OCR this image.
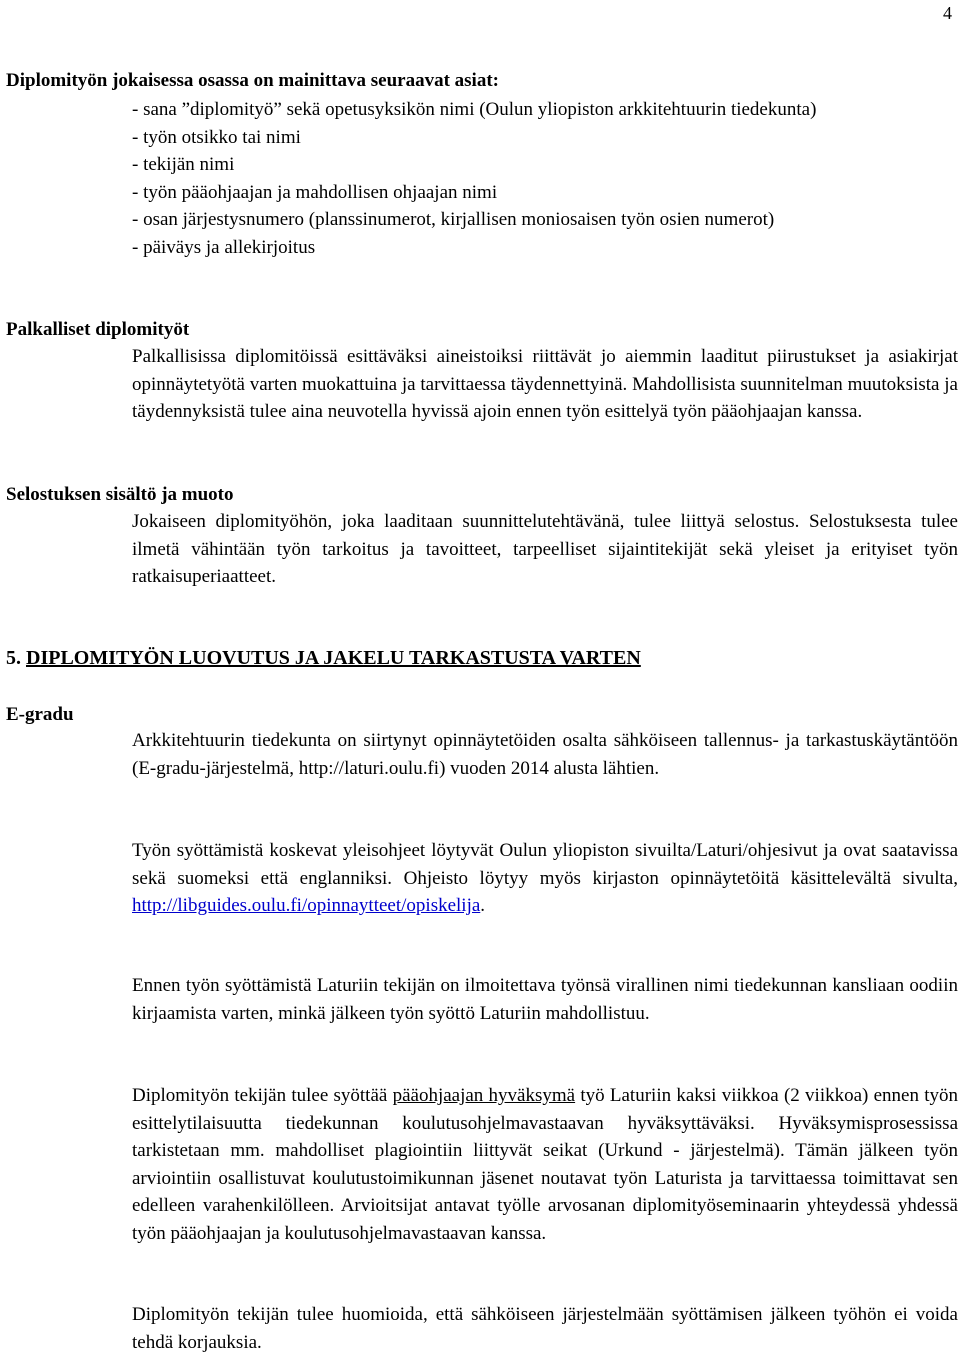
4

Diplomityön jokaisessa osassa on mainittava seuraavat asiat:

- sana ”diplomityö” sekä opetusyksikön nimi (Oulun yliopiston arkkitehtuurin tiedekunta)
- työn otsikko tai nimi
- tekijän nimi
- työn pääohjaajan ja mahdollisen ohjaajan nimi
- osan järjestysnumero (planssinumerot, kirjallisen moniosaisen työn osien numerot)
- päiväys ja allekirjoitus

Palkalliset diplomityöt

Palkallisissa diplomitöissä esittäväksi aineistoiksi riittävät jo aiemmin laaditut piirustukset ja asiakirjat opinnäytetyötä varten muokattuina ja tarvittaessa täydennettyinä. Mahdollisista suunnitelman muutoksista ja täydennyksistä tulee aina neuvotella hyvissä ajoin ennen työn esittelyä työn pääohjaajan kanssa.

Selostuksen sisältö ja muoto

Jokaiseen diplomityöhön, joka laaditaan suunnittelutehtävänä, tulee liittyä selostus. Selostuksesta tulee ilmetä vähintään työn tarkoitus ja tavoitteet, tarpeelliset sijaintitekijät sekä yleiset ja erityiset työn ratkaisuperiaatteet.

5. DIPLOMITYÖN LUOVUTUS JA JAKELU TARKASTUSTA VARTEN

E-gradu

Arkkitehtuurin tiedekunta on siirtynyt opinnäytetöiden osalta sähköiseen tallennus- ja tarkastuskäytäntöön (E-gradu-järjestelmä, http://laturi.oulu.fi) vuoden 2014 alusta lähtien.

Työn syöttämistä koskevat yleisohjeet löytyvät Oulun yliopiston sivuilta/Laturi/ohjesivut ja ovat saatavissa sekä suomeksi että englanniksi. Ohjeisto löytyy myös kirjaston opinnäytetöitä käsittelevältä sivulta, http://libguides.oulu.fi/opinnaytteet/opiskelija.

Ennen työn syöttämistä Laturiin tekijän on ilmoitettava työnsä virallinen nimi tiedekunnan kansliaan oodiin kirjaamista varten, minkä jälkeen työn syöttö Laturiin mahdollistuu.

Diplomityön tekijän tulee syöttää pääohjaajan hyväksymä työ Laturiin kaksi viikkoa (2 viikkoa) ennen työn esittelytilaisuutta tiedekunnan koulutusohjelmavastaavan hyväksyttäväksi. Hyväksymisprosessissa tarkistetaan mm. mahdolliset plagiointiin liittyvät seikat (Urkund - järjestelmä). Tämän jälkeen työn arviointiin osallistuvat koulutustoimikunnan jäsenet noutavat työn Laturista ja tarvittaessa toimittavat sen edelleen varahenkilölleen. Arvioitsijat antavat työlle arvosanan diplomityöseminaarin yhteydessä yhdessä työn pääohjaajan ja koulutusohjelmavastaavan kanssa.

Diplomityön tekijän tulee huomioida, että sähköiseen järjestelmään syöttämisen jälkeen työhön ei voida tehdä korjauksia.
